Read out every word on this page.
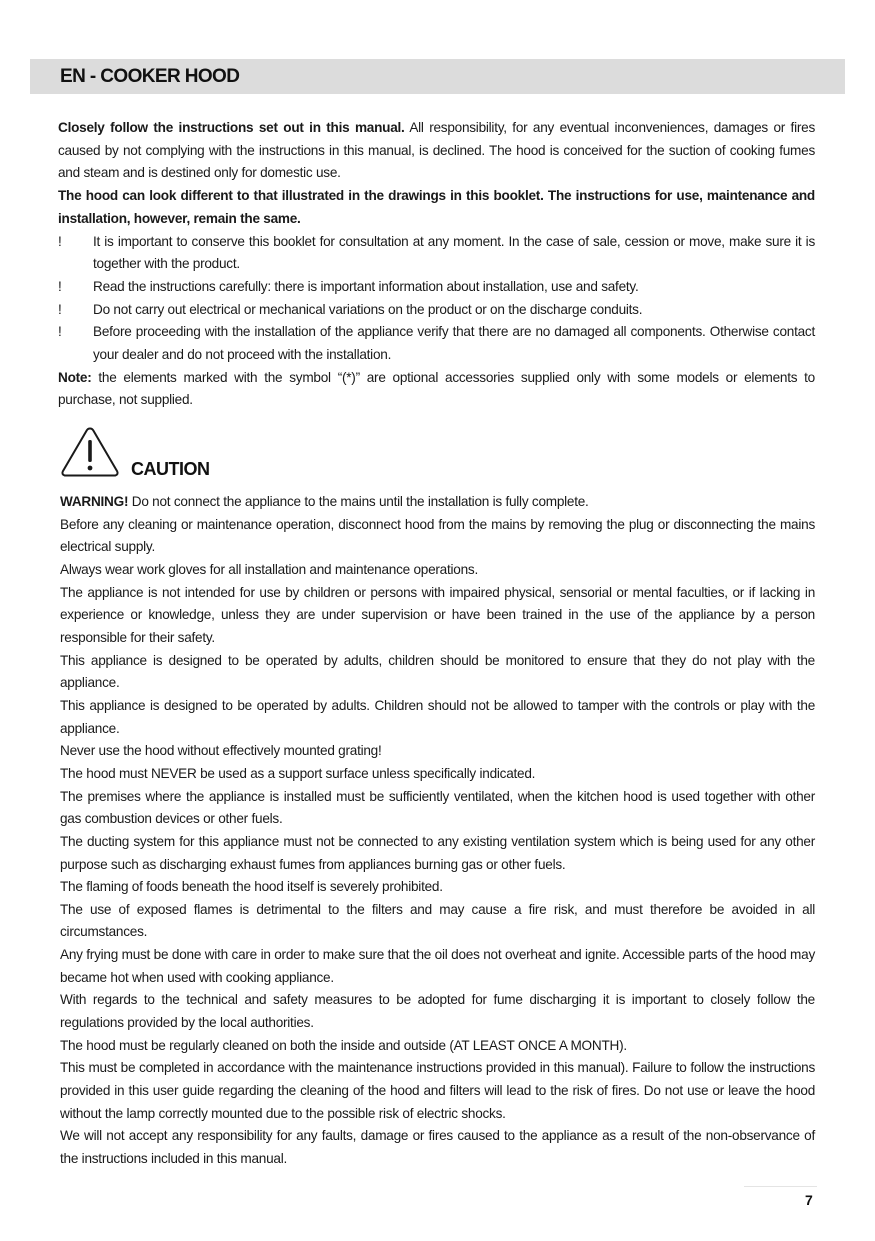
EN - COOKER HOOD

Closely follow the instructions set out in this manual. All responsibility, for any eventual inconveniences, damages or fires caused by not complying with the instructions in this manual, is declined. The hood is conceived for the suction of cooking fumes and steam and is destined only for domestic use.

The hood can look different to that illustrated in the drawings in this booklet. The instructions for use, maintenance and installation, however, remain the same.

! It is important to conserve this booklet for consultation at any moment. In the case of sale, cession or move, make sure it is together with the product.

! Read the instructions carefully: there is important information about installation, use and safety.

! Do not carry out electrical or mechanical variations on the product or on the discharge conduits.

! Before proceeding with the installation of the appliance verify that there are no damaged all components. Otherwise contact your dealer and do not proceed with the installation.

Note: the elements marked with the symbol “(*)” are optional accessories supplied only with some models or elements to purchase, not supplied.

CAUTION

WARNING! Do not connect the appliance to the mains until the installation is fully complete.

Before any cleaning or maintenance operation, disconnect hood from the mains by removing the plug or disconnecting the mains electrical supply.

Always wear work gloves for all installation and maintenance operations.

The appliance is not intended for use by children or persons with impaired physical, sensorial or mental faculties, or if lacking in experience or knowledge, unless they are under supervision or have been trained in the use of the appliance by a person responsible for their safety.

This appliance is designed to be operated by adults, children should be monitored to ensure that they do not play with the appliance.

This appliance is designed to be operated by adults. Children should not be allowed to tamper with the controls or play with the appliance.

Never use the hood without effectively mounted grating!

The hood must NEVER be used as a support surface unless specifically indicated.

The premises where the appliance is installed must be sufficiently ventilated, when the kitchen hood is used together with other gas combustion devices or other fuels.

The ducting system for this appliance must not be connected to any existing ventilation system which is being used for any other purpose such as discharging exhaust fumes from appliances burning gas or other fuels.

The flaming of foods beneath the hood itself is severely prohibited.

The use of exposed flames is detrimental to the filters and may cause a fire risk, and must therefore be avoided in all circumstances.

Any frying must be done with care in order to make sure that the oil does not overheat and ignite. Accessible parts of the hood may became hot when used with cooking appliance.

With regards to the technical and safety measures to be adopted for fume discharging it is important to closely follow the regulations provided by the local authorities.

The hood must be regularly cleaned on both the inside and outside (AT LEAST ONCE A MONTH).

This must be completed in accordance with the maintenance instructions provided in this manual). Failure to follow the instructions provided in this user guide regarding the cleaning of the hood and filters will lead to the risk of fires. Do not use or leave the hood without the lamp correctly mounted due to the possible risk of electric shocks.

We will not accept any responsibility for any faults, damage or fires caused to the appliance as a result of the non-observance of the instructions included in this manual.

7
